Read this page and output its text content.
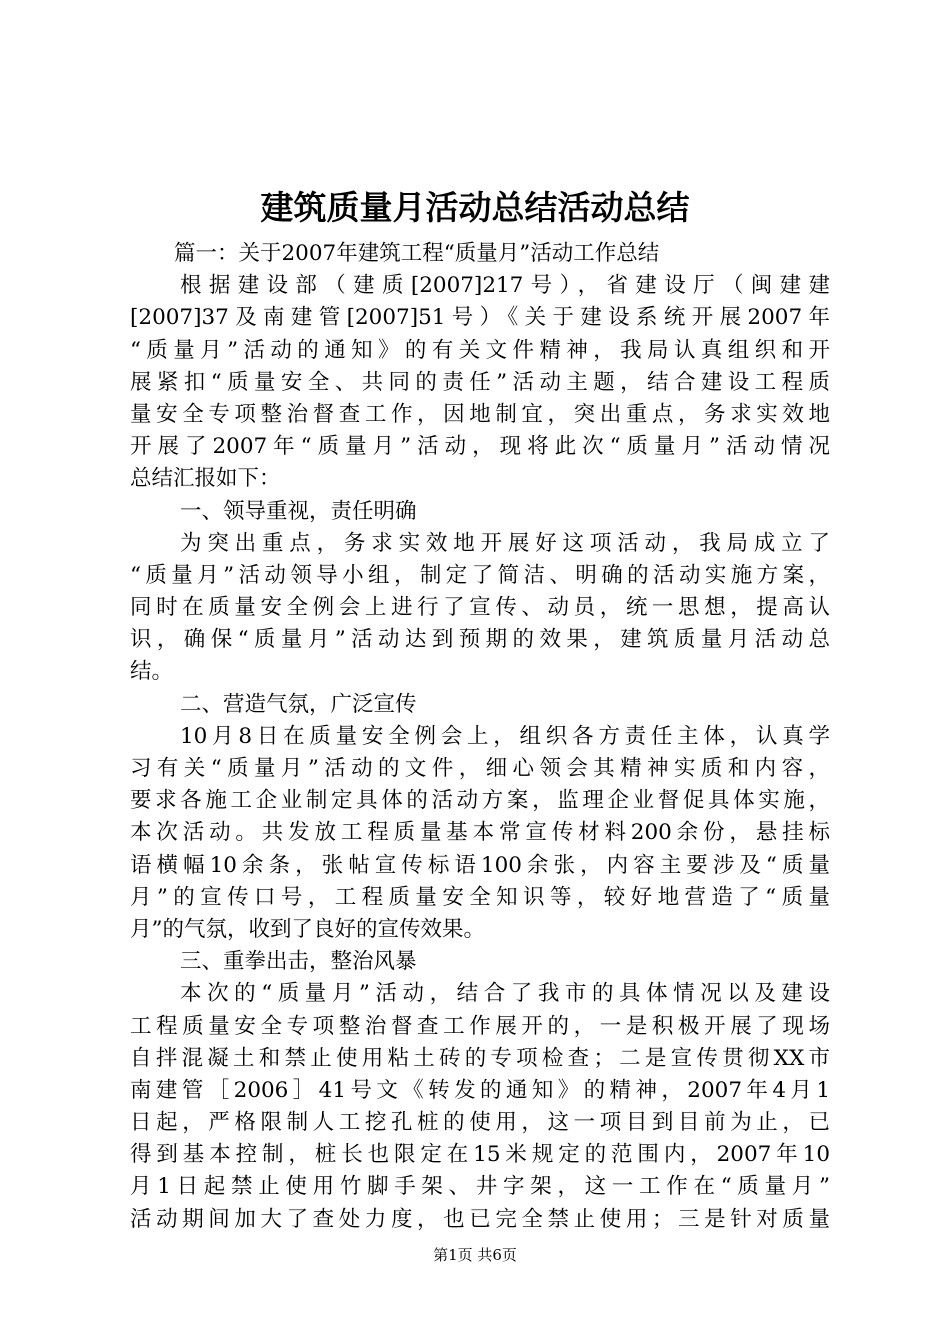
建筑质量月活动总结活动总结
篇一：关于2007年建筑工程“质量月”活动工作总结
根据建设部（建质[2007]217号），省建设厅（闽建建
[2007]37及南建管[2007]51号）《关于建设系统开展2007年
“质量月”活动的通知》的有关文件精神，我局认真组织和开
展紧扣“质量安全、共同的责任”活动主题，结合建设工程质
量安全专项整治督查工作，因地制宜，突出重点，务求实效地
开展了2007年“质量月”活动，现将此次“质量月”活动情况
总结汇报如下：
一、领导重视，责任明确
为突出重点，务求实效地开展好这项活动，我局成立了
“质量月”活动领导小组，制定了简洁、明确的活动实施方案，
同时在质量安全例会上进行了宣传、动员，统一思想，提高认
识，确保“质量月”活动达到预期的效果，建筑质量月活动总
结。
二、营造气氛，广泛宣传
10月8日在质量安全例会上，组织各方责任主体，认真学
习有关“质量月”活动的文件，细心领会其精神实质和内容，
要求各施工企业制定具体的活动方案，监理企业督促具体实施，
本次活动。共发放工程质量基本常宣传材料200余份，悬挂标
语横幅10余条，张帖宣传标语100余张，内容主要涉及“质量
月”的宣传口号，工程质量安全知识等，较好地营造了“质量
月”的气氛，收到了良好的宣传效果。
三、重拳出击，整治风暴
本次的“质量月”活动，结合了我市的具体情况以及建设
工程质量安全专项整治督查工作展开的，一是积极开展了现场
自拌混凝土和禁止使用粘土砖的专项检查；二是宣传贯彻XX市
南建管［2006］41号文《转发的通知》的精神，2007年4月1
日起，严格限制人工挖孔桩的使用，这一项目到目前为止，已
得到基本控制，桩长也限定在15米规定的范围内，2007年10
月1日起禁止使用竹脚手架、井字架，这一工作在“质量月”
活动期间加大了查处力度，也已完全禁止使用；三是针对质量
第1页 共6页
